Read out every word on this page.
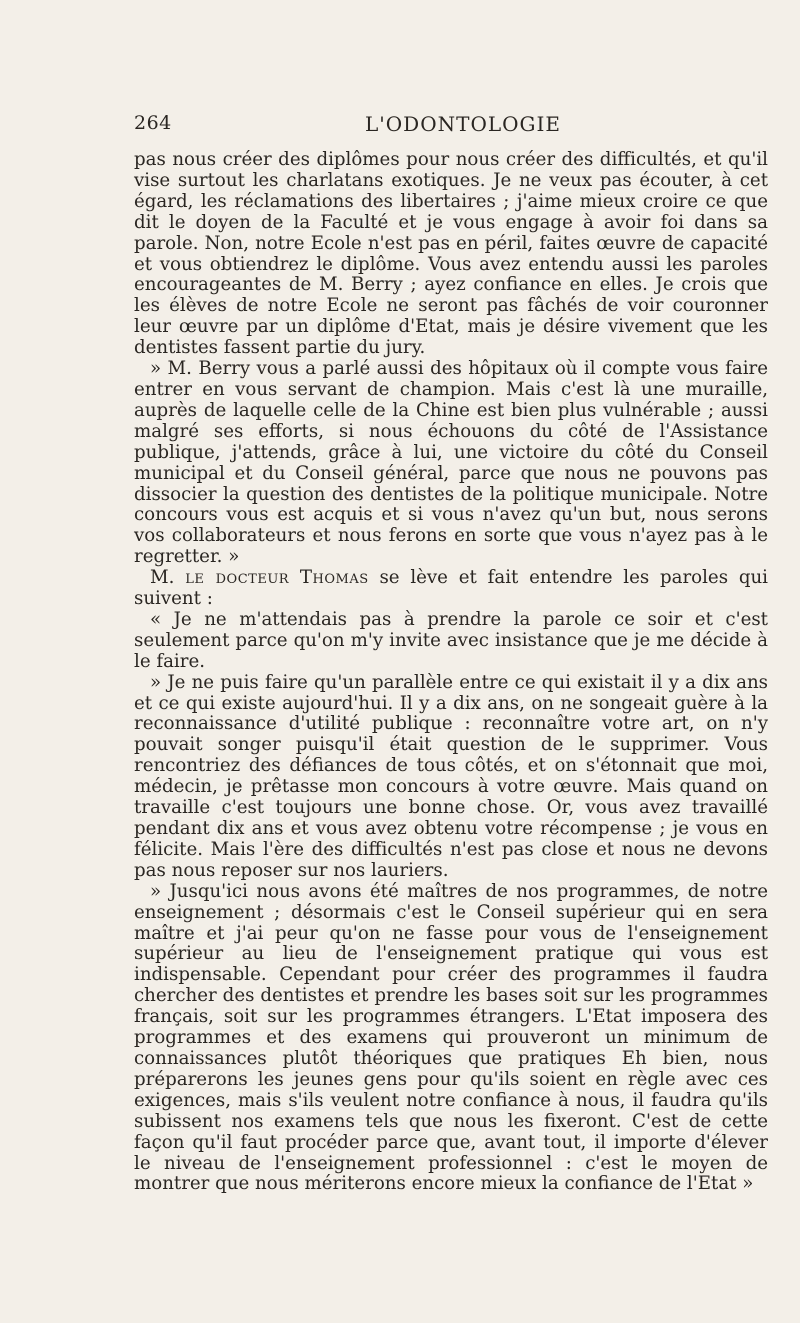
264	L'ODONTOLOGIE

pas nous créer des diplômes pour nous créer des difficultés, et qu'il vise surtout les charlatans exotiques. Je ne veux pas écouter, à cet égard, les réclamations des libertaires ; j'aime mieux croire ce que dit le doyen de la Faculté et je vous engage à avoir foi dans sa parole. Non, notre Ecole n'est pas en péril, faites œuvre de capacité et vous obtiendrez le diplôme. Vous avez entendu aussi les paroles encourageantes de M. Berry ; ayez confiance en elles. Je crois que les élèves de notre Ecole ne seront pas fâchés de voir couronner leur œuvre par un diplôme d'Etat, mais je désire vivement que les dentistes fassent partie du jury.

» M. Berry vous a parlé aussi des hôpitaux où il compte vous faire entrer en vous servant de champion. Mais c'est là une muraille, auprès de laquelle celle de la Chine est bien plus vulnérable ; aussi malgré ses efforts, si nous échouons du côté de l'Assistance publique, j'attends, grâce à lui, une victoire du côté du Conseil municipal et du Conseil général, parce que nous ne pouvons pas dissocier la question des dentistes de la politique municipale. Notre concours vous est acquis et si vous n'avez qu'un but, nous serons vos collaborateurs et nous ferons en sorte que vous n'ayez pas à le regretter. »

M. le docteur Thomas se lève et fait entendre les paroles qui suivent :

« Je ne m'attendais pas à prendre la parole ce soir et c'est seulement parce qu'on m'y invite avec insistance que je me décide à le faire.

» Je ne puis faire qu'un parallèle entre ce qui existait il y a dix ans et ce qui existe aujourd'hui. Il y a dix ans, on ne songeait guère à la reconnaissance d'utilité publique : reconnaître votre art, on n'y pouvait songer puisqu'il était question de le supprimer. Vous rencontriez des défiances de tous côtés, et on s'étonnait que moi, médecin, je prêtasse mon concours à votre œuvre. Mais quand on travaille c'est toujours une bonne chose. Or, vous avez travaillé pendant dix ans et vous avez obtenu votre récompense ; je vous en félicite. Mais l'ère des difficultés n'est pas close et nous ne devons pas nous reposer sur nos lauriers.

» Jusqu'ici nous avons été maîtres de nos programmes, de notre enseignement ; désormais c'est le Conseil supérieur qui en sera maître et j'ai peur qu'on ne fasse pour vous de l'enseignement supérieur au lieu de l'enseignement pratique qui vous est indispensable. Cependant pour créer des programmes il faudra chercher des dentistes et prendre les bases soit sur les programmes français, soit sur les programmes étrangers. L'Etat imposera des programmes et des examens qui prouveront un minimum de connaissances plutôt théoriques que pratiques Eh bien, nous préparerons les jeunes gens pour qu'ils soient en règle avec ces exigences, mais s'ils veulent notre confiance à nous, il faudra qu'ils subissent nos examens tels que nous les fixeront. C'est de cette façon qu'il faut procéder parce que, avant tout, il importe d'élever le niveau de l'enseignement professionnel : c'est le moyen de montrer que nous mériterons encore mieux la confiance de l'Etat »
